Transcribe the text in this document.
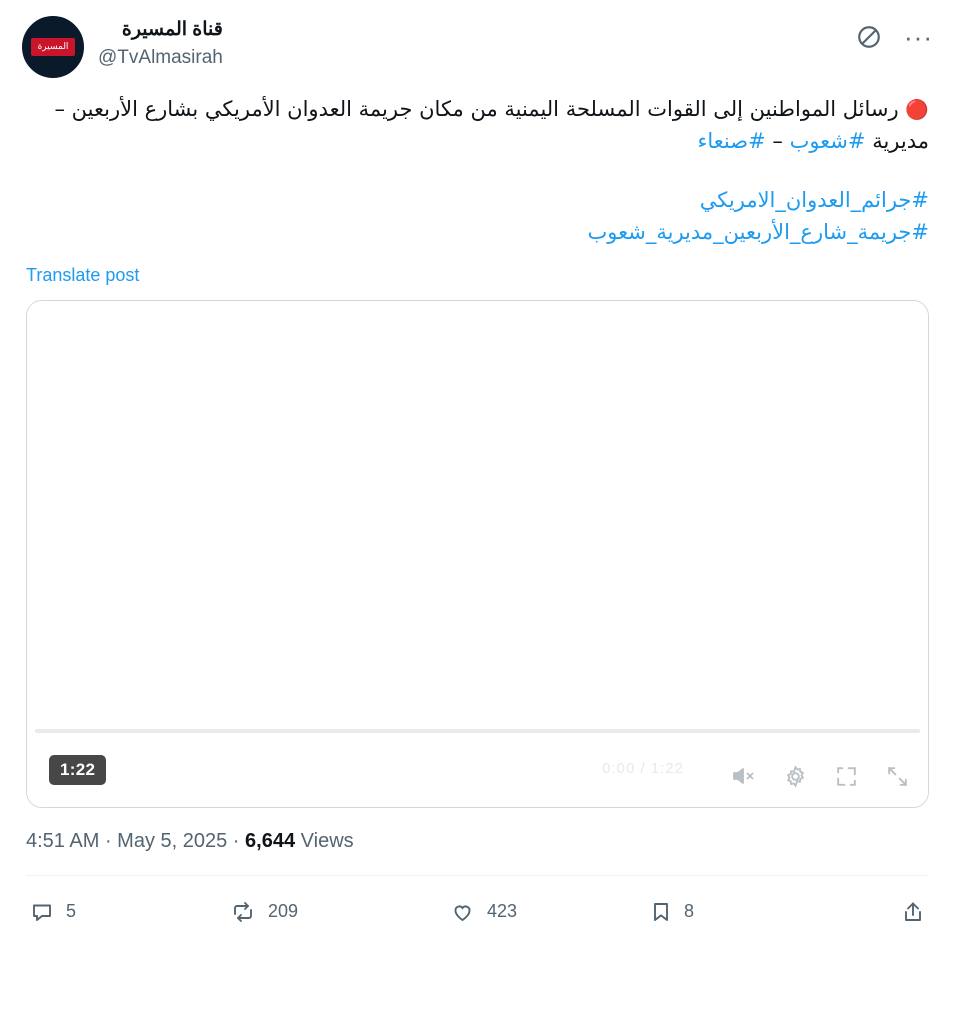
المسيرة
قناة المسيرة
@TvAlmasirah
···
🔴 رسائل المواطنين إلى القوات المسلحة اليمنية من مكان جريمة العدوان الأمريكي بشارع الأربعين –
مديرية #شعوب – #صنعاء
#جرائم_العدوان_الامريكي
#جريمة_شارع_الأربعين_مديرية_شعوب
Translate post
1:22	0:00 / 1:22
4:51 AM · May 5, 2025 · 6,644 Views
5	209	423	8
